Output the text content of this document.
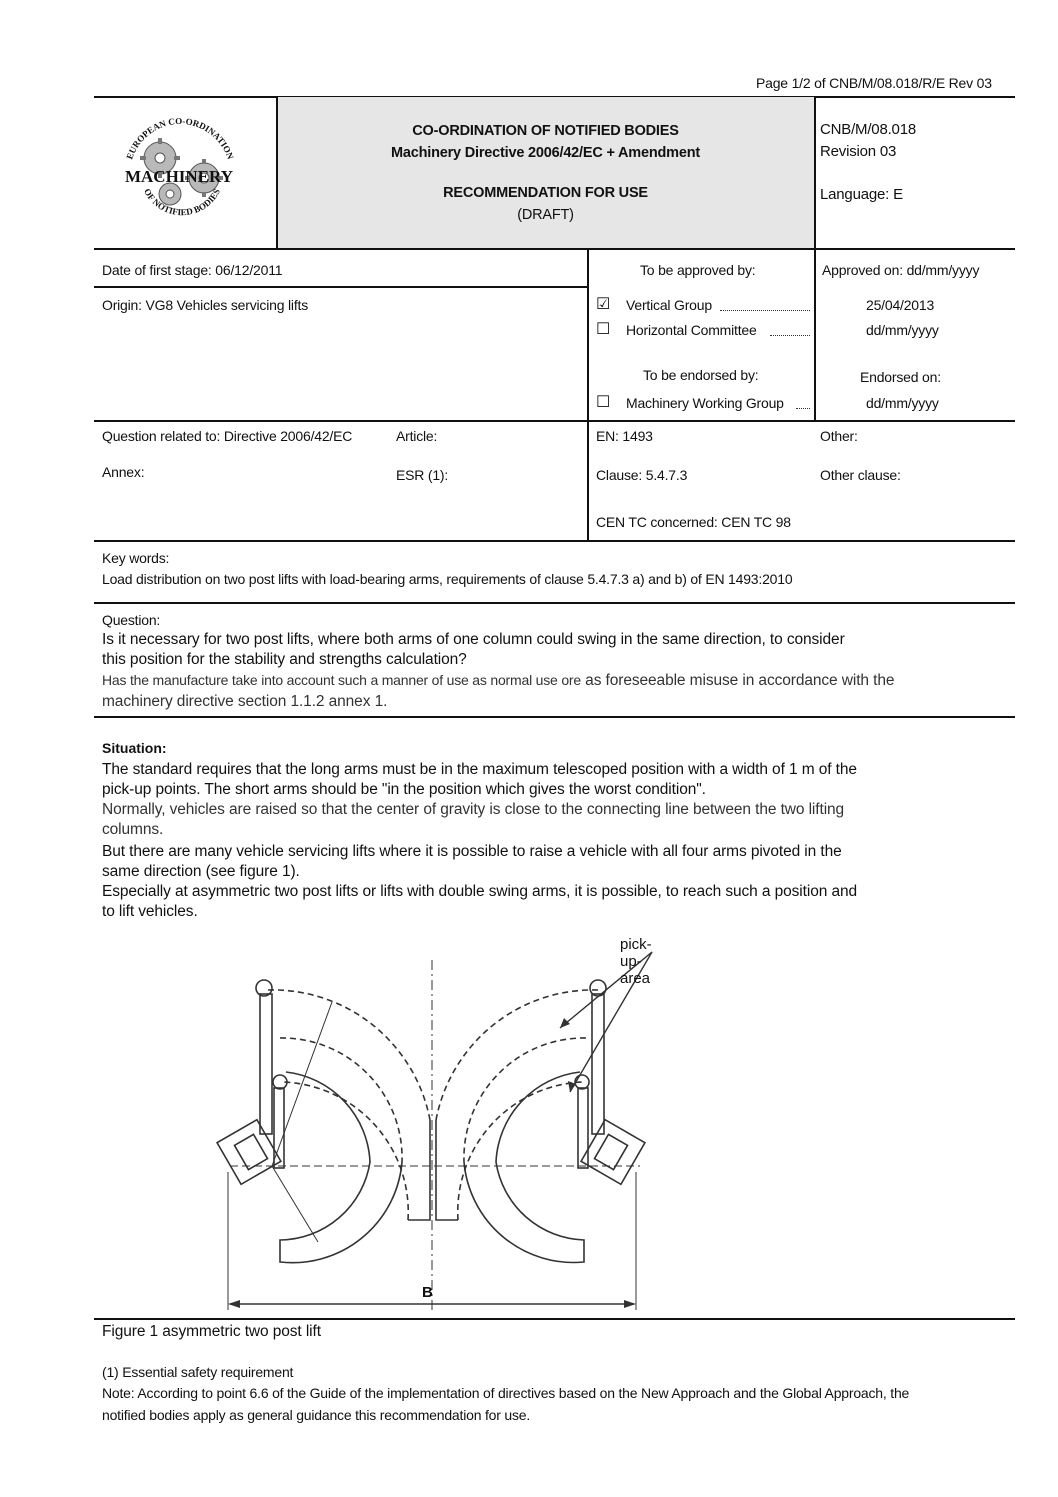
Page 1/2 of CNB/M/08.018/R/E Rev 03
MACHINERY
EUROPEAN CO-ORDINATION
OF NOTIFIED BODIES
CO-ORDINATION OF NOTIFIED BODIES
Machinery Directive 2006/42/EC + Amendment
RECOMMENDATION FOR USE
(DRAFT)
CNB/M/08.018
Revision 03
Language: E
Date of first stage: 06/12/2011
Origin: VG8 Vehicles servicing lifts
To be approved by:	Approved on: dd/mm/yyyy
☑ Vertical Group	25/04/2013
☐ Horizontal Committee	dd/mm/yyyy
To be endorsed by:	Endorsed on:
☐ Machinery Working Group	dd/mm/yyyy
Question related to: Directive 2006/42/EC	Article:
Annex:	ESR (1):
EN: 1493	Other:
Clause: 5.4.7.3	Other clause:
CEN TC concerned: CEN TC 98
Key words:
Load distribution on two post lifts with load-bearing arms, requirements of clause 5.4.7.3 a) and b) of EN 1493:2010
Question:
Is it necessary for two post lifts, where both arms of one column could swing in the same direction, to consider
this position for the stability and strengths calculation?
Has the manufacture take into account such a manner of use as normal use ore as foreseeable misuse in accordance with the
machinery directive section 1.1.2 annex 1.
Situation:
The standard requires that the long arms must be in the maximum telescoped position with a width of 1 m of the
pick-up points. The short arms should be "in the position which gives the worst condition".
Normally, vehicles are raised so that the center of gravity is close to the connecting line between the two lifting
columns.
But there are many vehicle servicing lifts where it is possible to raise a vehicle with all four arms pivoted in the
same direction (see figure 1).
Especially at asymmetric two post lifts or lifts with double swing arms, it is possible, to reach such a position and
to lift vehicles.
pick-up-area
B
Figure 1 asymmetric two post lift
(1) Essential safety requirement
Note: According to point 6.6 of the Guide of the implementation of directives based on the New Approach and the Global Approach, the
notified bodies apply as general guidance this recommendation for use.
